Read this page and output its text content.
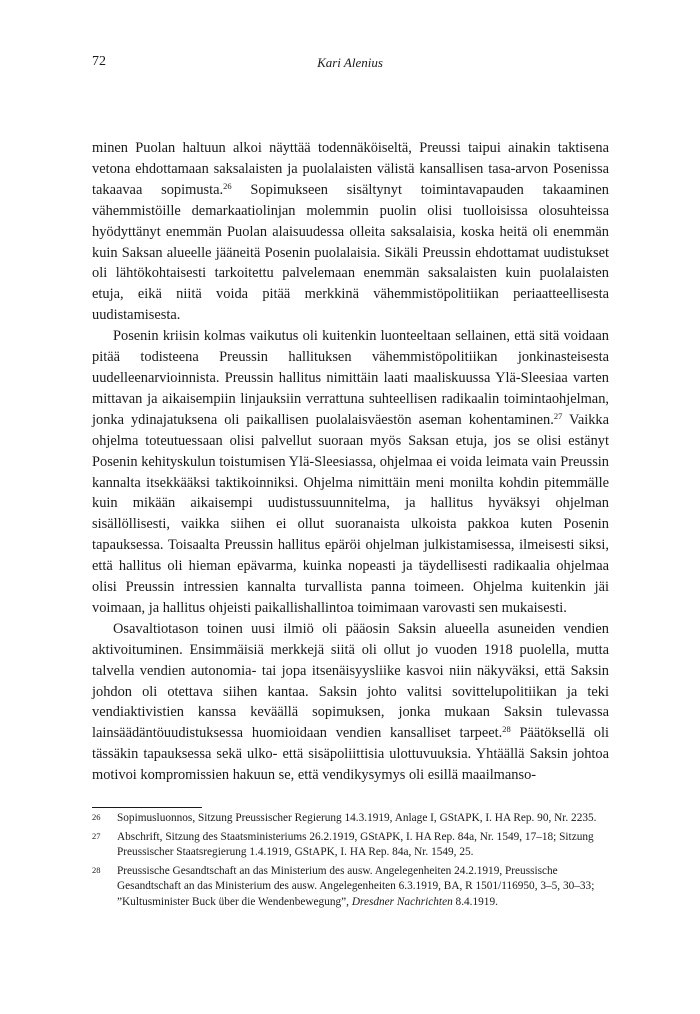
72	Kari Alenius

minen Puolan haltuun alkoi näyttää todennäköiseltä, Preussi taipui ainakin taktisena vetona ehdottamaan saksalaisten ja puolalaisten välistä kansallisen tasa-arvon Posenissa takaavaa sopimusta.$^{26}$ Sopimukseen sisältynyt toimintavapauden takaaminen vähemmistöille demarkaatiolinjan molemmin puolin olisi tuolloisissa olosuhteissa hyödyttänyt enemmän Puolan alaisuudessa olleita saksalaisia, koska heitä oli enemmän kuin Saksan alueelle jääneitä Posenin puolalaisia. Sikäli Preussin ehdottamat uudistukset oli lähtökohtaisesti tarkoitettu palvelemaan enemmän saksalaisten kuin puolalaisten etuja, eikä niitä voida pitää merkkinä vähemmistöpolitiikan periaatteellisesta uudistamisesta.

Posenin kriisin kolmas vaikutus oli kuitenkin luonteeltaan sellainen, että sitä voidaan pitää todisteena Preussin hallituksen vähemmistöpolitiikan jonkinasteisesta uudelleenarvioinnista. Preussin hallitus nimittäin laati maaliskuussa Ylä-Sleesiaa varten mittavan ja aikaisempiin linjauksiin verrattuna suhteellisen radikaalin toimintaohjelman, jonka ydinajatuksena oli paikallisen puolalaisväestön aseman kohentaminen.$^{27}$ Vaikka ohjelma toteutuessaan olisi palvellut suoraan myös Saksan etuja, jos se olisi estänyt Posenin kehityskulun toistumisen Ylä-Sleesiassa, ohjelmaa ei voida leimata vain Preussin kannalta itsekkääksi taktikoinniksi. Ohjelma nimittäin meni monilta kohdin pitemmälle kuin mikään aikaisempi uudistussuunnitelma, ja hallitus hyväksyi ohjelman sisällöllisesti, vaikka siihen ei ollut suoranaista ulkoista pakkoa kuten Posenin tapauksessa. Toisaalta Preussin hallitus epäröi ohjelman julkistamisessa, ilmeisesti siksi, että hallitus oli hieman epävarma, kuinka nopeasti ja täydellisesti radikaalia ohjelmaa olisi Preussin intressien kannalta turvallista panna toimeen. Ohjelma kuitenkin jäi voimaan, ja hallitus ohjeisti paikallishallintoa toimimaan varovasti sen mukaisesti.

Osavaltiotason toinen uusi ilmiö oli pääosin Saksin alueella asuneiden vendien aktivoituminen. Ensimmäisiä merkkejä siitä oli ollut jo vuoden 1918 puolella, mutta talvella vendien autonomia- tai jopa itsenäisyysliike kasvoi niin näkyväksi, että Saksin johdon oli otettava siihen kantaa. Saksin johto valitsi sovittelupolitiikan ja teki vendiaktivistien kanssa keväällä sopimuksen, jonka mukaan Saksin tulevassa lainsäädäntöuudistuksessa huomioidaan vendien kansalliset tarpeet.$^{28}$ Päätöksellä oli tässäkin tapauksessa sekä ulko- että sisäpoliittisia ulottuvuuksia. Yhtäällä Saksin johtoa motivoi kompromissien hakuun se, että vendikysymys oli esillä maailmanso-

26 Sopimusluonnos, Sitzung Preussischer Regierung 14.3.1919, Anlage I, GStAPK, I. HA Rep. 90, Nr. 2235.
27 Abschrift, Sitzung des Staatsministeriums 26.2.1919, GStAPK, I. HA Rep. 84a, Nr. 1549, 17–18; Sitzung Preussischer Staatsregierung 1.4.1919, GStAPK, I. HA Rep. 84a, Nr. 1549, 25.
28 Preussische Gesandtschaft an das Ministerium des ausw. Angelegenheiten 24.2.1919, Preussische Gesandtschaft an das Ministerium des ausw. Angelegenheiten 6.3.1919, BA, R 1501/116950, 3–5, 30–33; ”Kultusminister Buck über die Wendenbewegung”, Dresdner Nachrichten 8.4.1919.
